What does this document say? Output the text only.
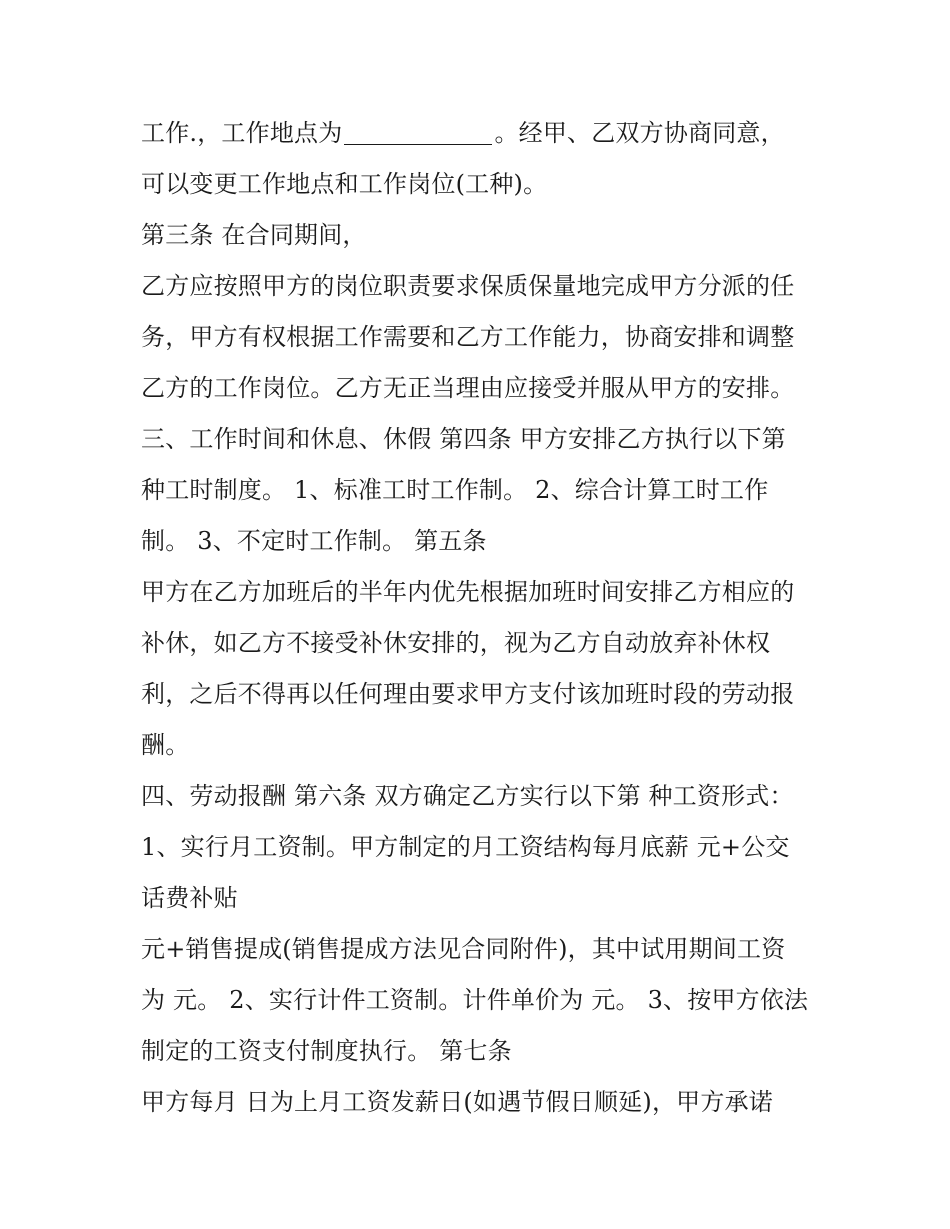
工作.，工作地点为	。经甲、乙双方协商同意，
可以变更工作地点和工作岗位(工种)。
第三条 在合同期间，
乙方应按照甲方的岗位职责要求保质保量地完成甲方分派的任
务，甲方有权根据工作需要和乙方工作能力，协商安排和调整
乙方的工作岗位。乙方无正当理由应接受并服从甲方的安排。
三、工作时间和休息、休假 第四条 甲方安排乙方执行以下第
种工时制度。 1、标准工时工作制。 2、综合计算工时工作
制。 3、不定时工作制。 第五条
甲方在乙方加班后的半年内优先根据加班时间安排乙方相应的
补休，如乙方不接受补休安排的，视为乙方自动放弃补休权
利，之后不得再以任何理由要求甲方支付该加班时段的劳动报
酬。
四、劳动报酬 第六条 双方确定乙方实行以下第 种工资形式：
1、实行月工资制。甲方制定的月工资结构每月底薪 元+公交
话费补贴
元+销售提成(销售提成方法见合同附件)，其中试用期间工资
为 元。 2、实行计件工资制。计件单价为 元。 3、按甲方依法
制定的工资支付制度执行。 第七条
甲方每月 日为上月工资发薪日(如遇节假日顺延)，甲方承诺
